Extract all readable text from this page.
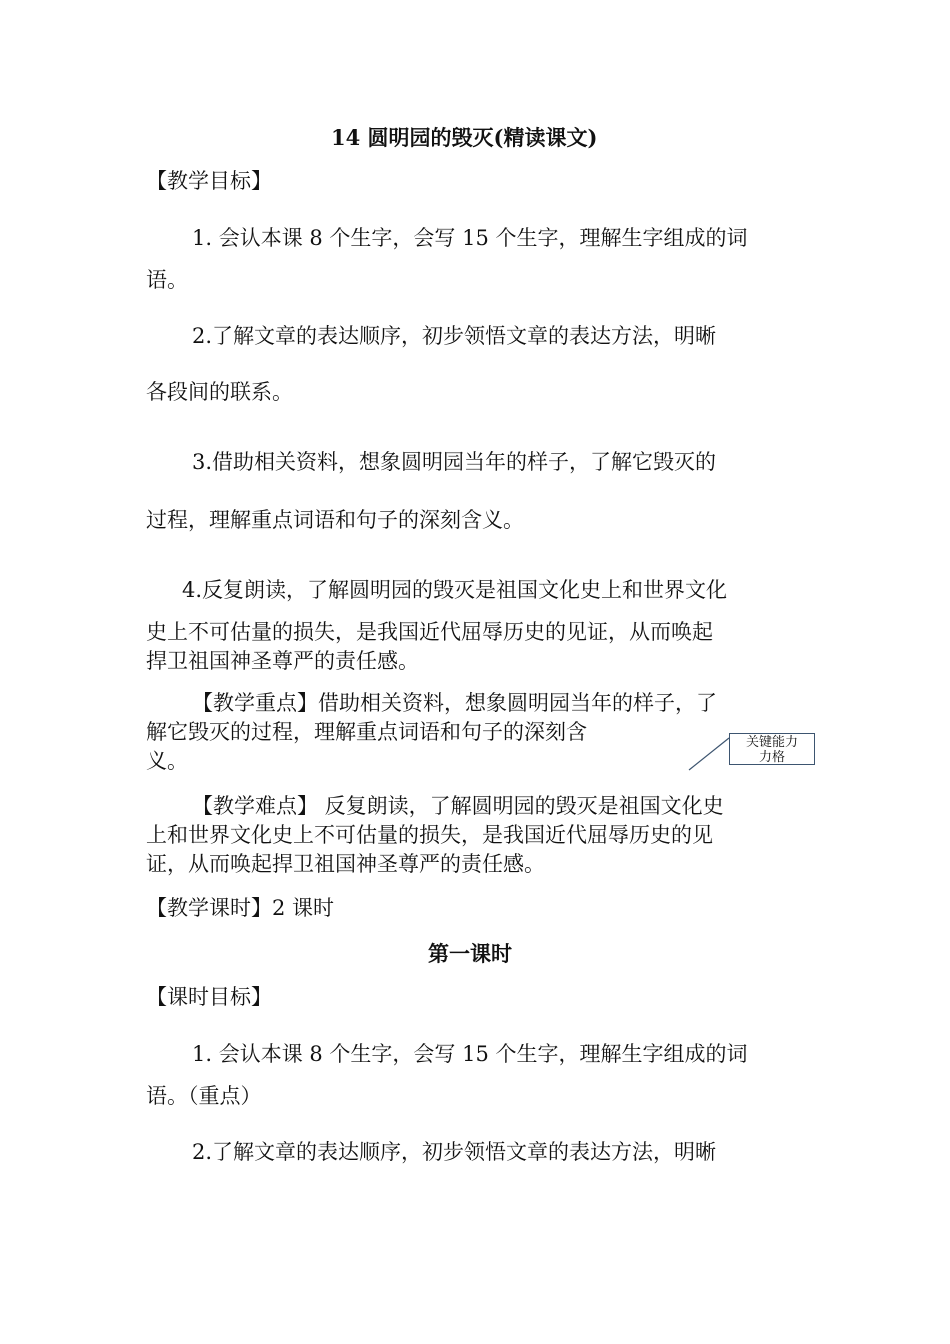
14 圆明园的毁灭(精读课文)
【教学目标】
1. 会认本课 8 个生字，会写 15 个生字，理解生字组成的词
语。
2.了解文章的表达顺序，初步领悟文章的表达方法，明晰
各段间的联系。
3.借助相关资料，想象圆明园当年的样子，了解它毁灭的
过程，理解重点词语和句子的深刻含义。
4.反复朗读，了解圆明园的毁灭是祖国文化史上和世界文化
史上不可估量的损失，是我国近代屈辱历史的见证，从而唤起
捍卫祖国神圣尊严的责任感。
【教学重点】借助相关资料，想象圆明园当年的样子，了
解它毁灭的过程，理解重点词语和句子的深刻含
义。
关键能力
力格
【教学难点】 反复朗读，了解圆明园的毁灭是祖国文化史
上和世界文化史上不可估量的损失，是我国近代屈辱历史的见
证，从而唤起捍卫祖国神圣尊严的责任感。
【教学课时】2 课时
第一课时
【课时目标】
1. 会认本课 8 个生字，会写 15 个生字，理解生字组成的词
语。（重点）
2.了解文章的表达顺序，初步领悟文章的表达方法，明晰
